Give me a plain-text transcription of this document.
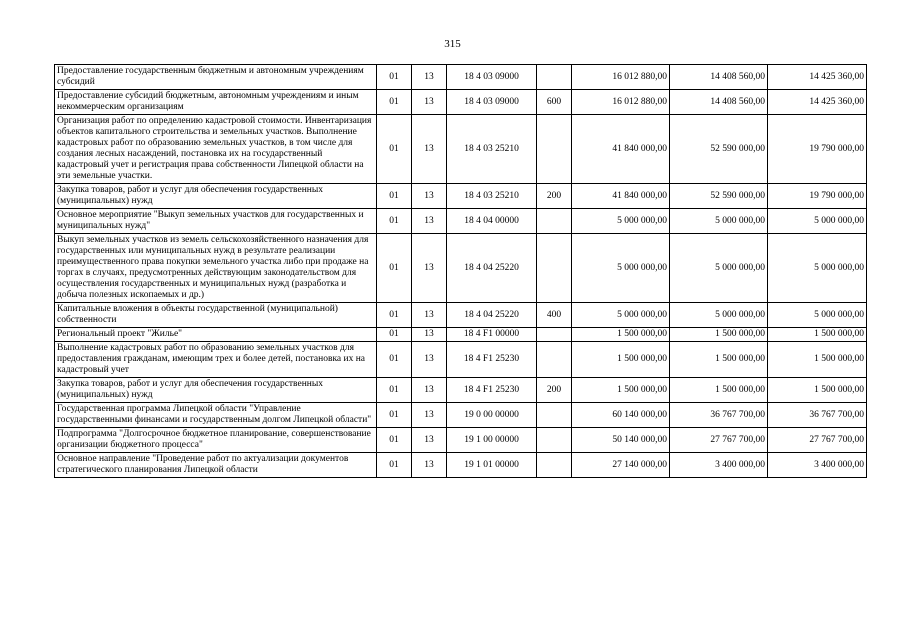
315
Предоставление государственным бюджетным и автономным учреждениям субсидий	01	13	18 4 03 09000		16 012 880,00	14 408 560,00	14 425 360,00
Предоставление субсидий бюджетным, автономным учреждениям и иным некоммерческим организациям	01	13	18 4 03 09000	600	16 012 880,00	14 408 560,00	14 425 360,00
Организация работ по определению кадастровой стоимости. Инвентаризация объектов капитального строительства и земельных участков. Выполнение кадастровых работ по образованию земельных участков, в том числе для создания лесных насаждений, постановка их на государственный кадастровый учет и регистрация права собственности Липецкой области на эти земельные участки.	01	13	18 4 03 25210		41 840 000,00	52 590 000,00	19 790 000,00
Закупка товаров, работ и услуг для обеспечения государственных (муниципальных) нужд	01	13	18 4 03 25210	200	41 840 000,00	52 590 000,00	19 790 000,00
Основное мероприятие "Выкуп земельных участков для государственных и муниципальных нужд"	01	13	18 4 04 00000		5 000 000,00	5 000 000,00	5 000 000,00
Выкуп земельных участков из земель сельскохозяйственного назначения для государственных или муниципальных нужд в результате реализации преимущественного права покупки земельного участка либо при продаже на торгах в случаях, предусмотренных действующим законодательством для осуществления государственных и муниципальных нужд (разработка и добыча полезных ископаемых и др.)	01	13	18 4 04 25220		5 000 000,00	5 000 000,00	5 000 000,00
Капитальные вложения в объекты государственной (муниципальной) собственности	01	13	18 4 04 25220	400	5 000 000,00	5 000 000,00	5 000 000,00
Региональный проект "Жилье"	01	13	18 4 F1 00000		1 500 000,00	1 500 000,00	1 500 000,00
Выполнение кадастровых работ по образованию земельных участков для предоставления гражданам, имеющим трех и более детей, постановка их на кадастровый учет	01	13	18 4 F1 25230		1 500 000,00	1 500 000,00	1 500 000,00
Закупка товаров, работ и услуг для обеспечения государственных (муниципальных) нужд	01	13	18 4 F1 25230	200	1 500 000,00	1 500 000,00	1 500 000,00
Государственная программа Липецкой области "Управление государственными финансами и государственным долгом Липецкой области"	01	13	19 0 00 00000		60 140 000,00	36 767 700,00	36 767 700,00
Подпрограмма "Долгосрочное бюджетное планирование, совершенствование организации бюджетного процесса"	01	13	19 1 00 00000		50 140 000,00	27 767 700,00	27 767 700,00
Основное направление "Проведение работ по актуализации документов стратегического планирования Липецкой области	01	13	19 1 01 00000		27 140 000,00	3 400 000,00	3 400 000,00
